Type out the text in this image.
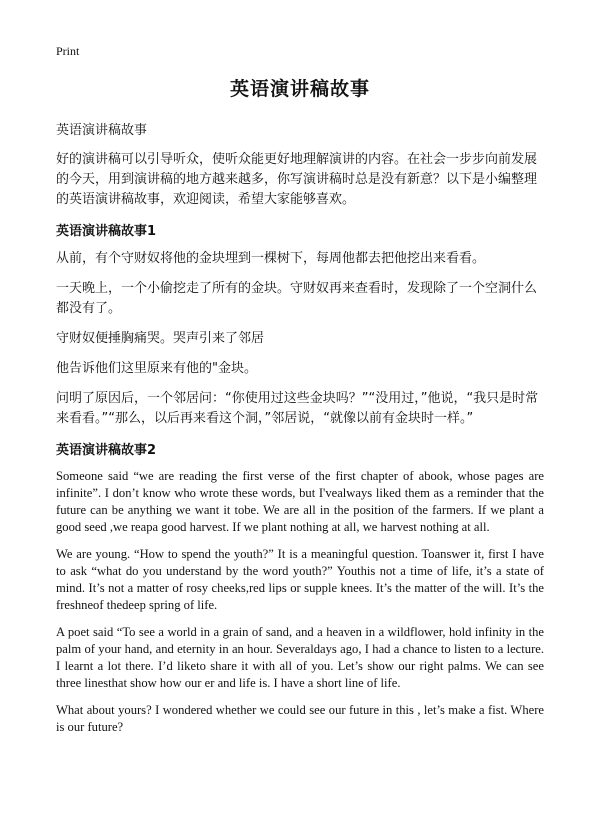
Print
英语演讲稿故事
英语演讲稿故事

好的演讲稿可以引导听众，使听众能更好地理解演讲的内容。在社会一步步向前发展的今天，用到演讲稿的地方越来越多，你写演讲稿时总是没有新意？以下是小编整理的英语演讲稿故事，欢迎阅读，希望大家能够喜欢。

英语演讲稿故事1

从前，有个守财奴将他的金块埋到一棵树下，每周他都去把他挖出来看看。

一天晚上，一个小偷挖走了所有的金块。守财奴再来查看时，发现除了一个空洞什么都没有了。

守财奴便捶胸痛哭。哭声引来了邻居

他告诉他们这里原来有他的"金块。

问明了原因后，一个邻居问：“你使用过这些金块吗？”“没用过，”他说，“我只是时常来看看。”“那么，以后再来看这个洞，”邻居说，“就像以前有金块时一样。”

英语演讲稿故事2

Someone said “we are reading the first verse of the first chapter of abook, whose pages are infinite”. I don’t know who wrote these words, but I'vealways liked them as a reminder that the future can be anything we want it tobe. We are all in the position of the farmers. If we plant a good seed ,we reapa good harvest. If we plant nothing at all, we harvest nothing at all.

We are young. “How to spend the youth?” It is a meaningful question. Toanswer it, first I have to ask “what do you understand by the word youth?” Youthis not a time of life, it’s a state of mind. It’s not a matter of rosy cheeks,red lips or supple knees. It’s the matter of the will. It’s the freshneof thedeep spring of life.

A poet said “To see a world in a grain of sand, and a heaven in a wildflower, hold infinity in the palm of your hand, and eternity in an hour. Severaldays ago, I had a chance to listen to a lecture. I learnt a lot there. I’d liketo share it with all of you. Let’s show our right palms. We can see three linesthat show how our er and life is. I have a short line of life.

What about yours? I wondered whether we could see our future in this , let’s make a fist. Where is our future?
